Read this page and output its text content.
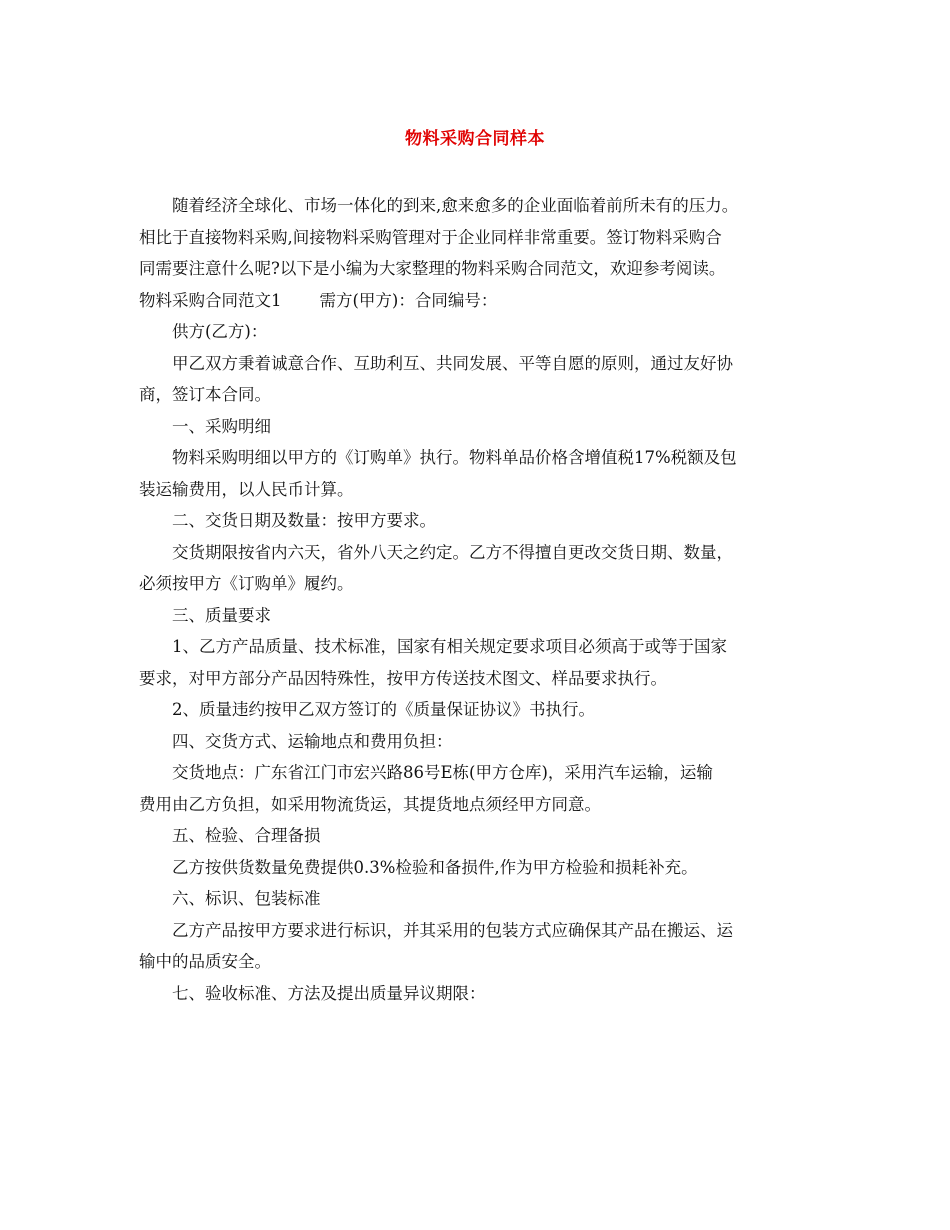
物料采购合同样本

随着经济全球化、市场一体化的到来,愈来愈多的企业面临着前所未有的压力。
相比于直接物料采购,间接物料采购管理对于企业同样非常重要。签订物料采购合
同需要注意什么呢?以下是小编为大家整理的物料采购合同范文，欢迎参考阅读。

物料采购合同范文1 需方(甲方)：合同编号：

供方(乙方)：

甲乙双方秉着诚意合作、互助利互、共同发展、平等自愿的原则，通过友好协
商，签订本合同。

一、采购明细

物料采购明细以甲方的《订购单》执行。物料单品价格含增值税17%税额及包
装运输费用，以人民币计算。

二、交货日期及数量：按甲方要求。

交货期限按省内六天，省外八天之约定。乙方不得擅自更改交货日期、数量，
必须按甲方《订购单》履约。

三、质量要求

1、乙方产品质量、技术标准，国家有相关规定要求项目必须高于或等于国家
要求，对甲方部分产品因特殊性，按甲方传送技术图文、样品要求执行。

2、质量违约按甲乙双方签订的《质量保证协议》书执行。

四、交货方式、运输地点和费用负担：

交货地点：广东省江门市宏兴路86号E栋(甲方仓库)，采用汽车运输，运输
费用由乙方负担，如采用物流货运，其提货地点须经甲方同意。

五、检验、合理备损

乙方按供货数量免费提供0.3%检验和备损件,作为甲方检验和损耗补充。

六、标识、包装标准

乙方产品按甲方要求进行标识，并其采用的包装方式应确保其产品在搬运、运
输中的品质安全。

七、验收标准、方法及提出质量异议期限：
